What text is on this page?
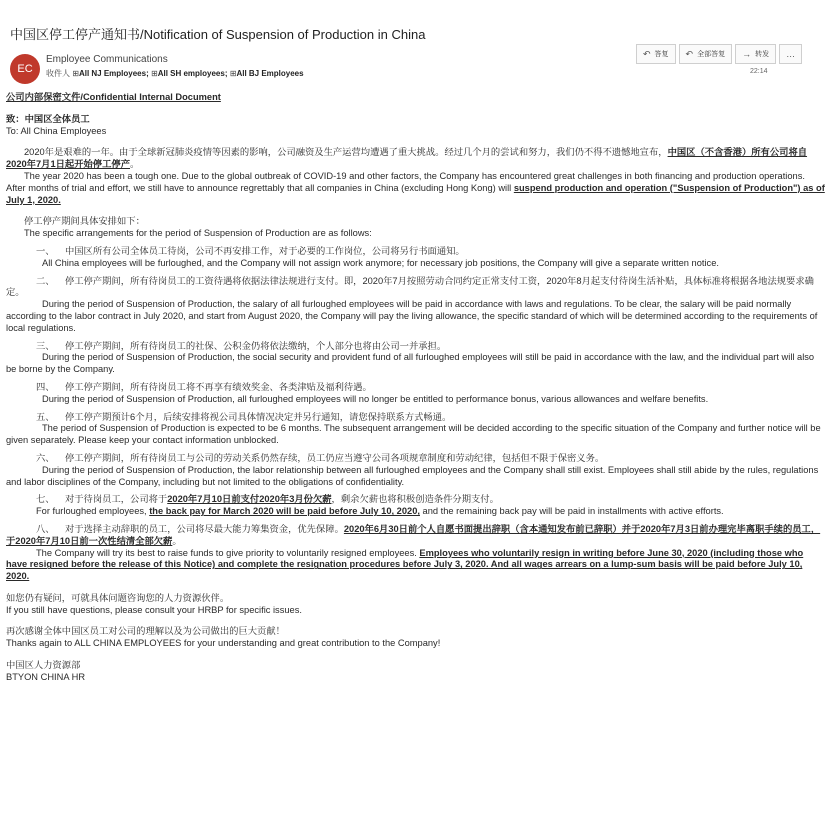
中国区停工停产通知书/Notification of Suspension of Production in China
EC
Employee Communications
收件人 ⊞All NJ Employees; ⊞All SH employees; ⊞All BJ Employees
↶ 答复 ↶ 全部答复 → 转发 …
22:14

公司内部保密文件/Confidential Internal Document

致：中国区全体员工

To: All China Employees

2020年是艰难的一年。由于全球新冠肺炎疫情等因素的影响，公司融资及生产运营均遭遇了重大挑战。经过几个月的尝试和努力，我们仍不得不遗憾地宣布，中国区（不含香港）所有公司将自2020年7月1日起开始停工停产。

The year 2020 has been a tough one. Due to the global outbreak of COVID-19 and other factors, the Company has encountered great challenges in both financing and production operations. After months of trial and effort, we still have to announce regrettably that all companies in China (excluding Hong Kong) will suspend production and operation ("Suspension of Production") as of July 1, 2020.

停工停产期间具体安排如下：

The specific arrangements for the period of Suspension of Production are as follows:

一、 中国区所有公司全体员工待岗，公司不再安排工作，对于必要的工作岗位，公司将另行书面通知。

All China employees will be furloughed, and the Company will not assign work anymore; for necessary job positions, the Company will give a separate written notice.

二、 停工停产期间，所有待岗员工的工资待遇将依据法律法规进行支付。即，2020年7月按照劳动合同约定正常支付工资，2020年8月起支付待岗生活补贴，具体标准将根据各地法规要求确定。

During the period of Suspension of Production, the salary of all furloughed employees will be paid in accordance with laws and regulations. To be clear, the salary will be paid normally according to the labor contract in July 2020, and start from August 2020, the Company will pay the living allowance, the specific standard of which will be determined according to the requirements of local regulations.

三、 停工停产期间，所有待岗员工的社保、公积金仍将依法缴纳，个人部分也将由公司一并承担。

During the period of Suspension of Production, the social security and provident fund of all furloughed employees will still be paid in accordance with the law, and the individual part will also be borne by the Company.

四、 停工停产期间，所有待岗员工将不再享有绩效奖金、各类津贴及福利待遇。

During the period of Suspension of Production, all furloughed employees will no longer be entitled to performance bonus, various allowances and welfare benefits.

五、 停工停产期预计6个月，后续安排将视公司具体情况决定并另行通知，请您保持联系方式畅通。

The period of Suspension of Production is expected to be 6 months. The subsequent arrangement will be decided according to the specific situation of the Company and further notice will be given separately. Please keep your contact information unblocked.

六、 停工停产期间，所有待岗员工与公司的劳动关系仍然存续，员工仍应当遵守公司各项规章制度和劳动纪律，包括但不限于保密义务。

During the period of Suspension of Production, the labor relationship between all furloughed employees and the Company shall still exist. Employees shall still abide by the rules, regulations and labor disciplines of the Company, including but not limited to the obligations of confidentiality.

七、 对于待岗员工，公司将于2020年7月10日前支付2020年3月份欠薪，剩余欠薪也将积极创造条件分期支付。

For furloughed employees, the back pay for March 2020 will be paid before July 10, 2020, and the remaining back pay will be paid in installments with active efforts.

八、 对于选择主动辞职的员工，公司将尽最大能力筹集资金，优先保障。2020年6月30日前个人自愿书面提出辞职（含本通知发布前已辞职）并于2020年7月3日前办理完毕离职手续的员工，于2020年7月10日前一次性结清全部欠薪。

The Company will try its best to raise funds to give priority to voluntarily resigned employees. Employees who voluntarily resign in writing before June 30, 2020 (including those who have resigned before the release of this Notice) and complete the resignation procedures before July 3, 2020. And all wages arrears on a lump-sum basis will be paid before July 10, 2020.

如您仍有疑问，可就具体问题咨询您的人力资源伙伴。

If you still have questions, please consult your HRBP for specific issues.

再次感谢全体中国区员工对公司的理解以及为公司做出的巨大贡献！

Thanks again to ALL CHINA EMPLOYEES for your understanding and great contribution to the Company!

中国区人力资源部

BTYON CHINA HR
